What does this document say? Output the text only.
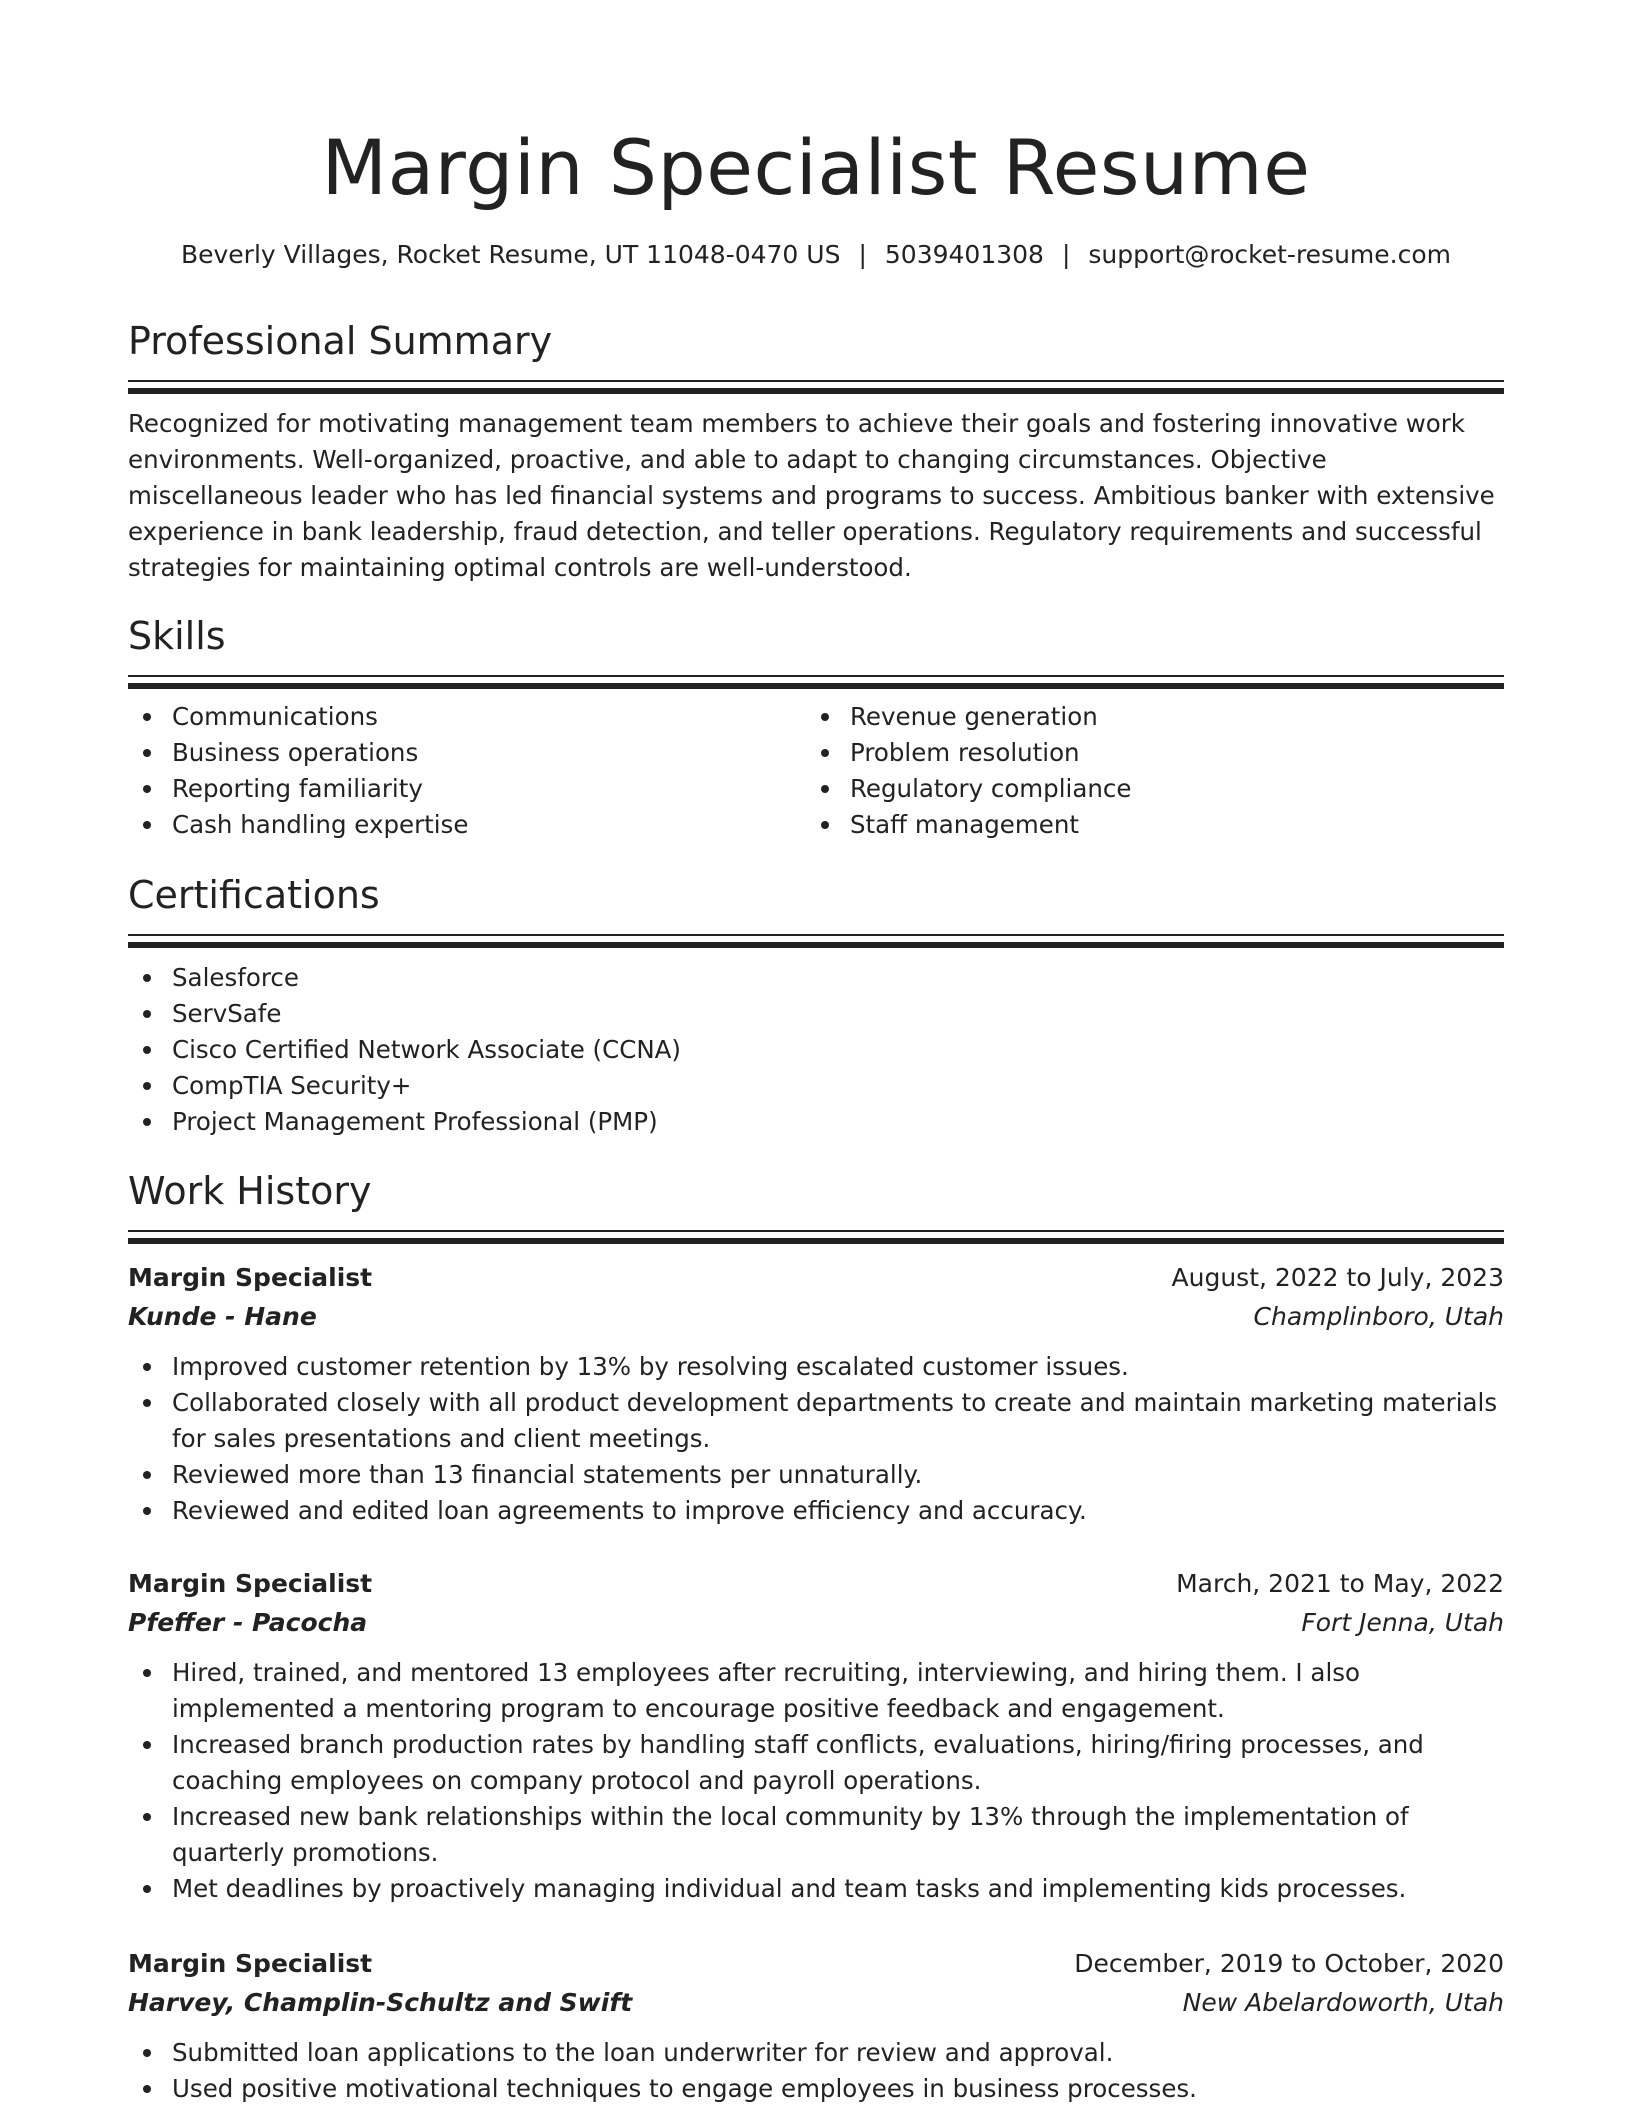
Margin Specialist Resume
Beverly Villages, Rocket Resume, UT 11048-0470 US | 5039401308 | support@rocket-resume.com
Professional Summary

Recognized for motivating management team members to achieve their goals and fostering innovative work environments. Well-organized, proactive, and able to adapt to changing circumstances. Objective miscellaneous leader who has led financial systems and programs to success. Ambitious banker with extensive experience in bank leadership, fraud detection, and teller operations. Regulatory requirements and successful strategies for maintaining optimal controls are well-understood.

Skills
Communications
Business operations
Reporting familiarity
Cash handling expertise
Revenue generation
Problem resolution
Regulatory compliance
Staff management
Certifications
Salesforce
ServSafe
Cisco Certified Network Associate (CCNA)
CompTIA Security+
Project Management Professional (PMP)
Work History
Margin Specialist	August, 2022 to July, 2023
Kunde - Hane	Champlinboro, Utah
Improved customer retention by 13% by resolving escalated customer issues.
Collaborated closely with all product development departments to create and maintain marketing materials for sales presentations and client meetings.
Reviewed more than 13 financial statements per unnaturally.
Reviewed and edited loan agreements to improve efficiency and accuracy.
Margin Specialist	March, 2021 to May, 2022
Pfeffer - Pacocha	Fort Jenna, Utah
Hired, trained, and mentored 13 employees after recruiting, interviewing, and hiring them. I also implemented a mentoring program to encourage positive feedback and engagement.
Increased branch production rates by handling staff conflicts, evaluations, hiring/firing processes, and coaching employees on company protocol and payroll operations.
Increased new bank relationships within the local community by 13% through the implementation of quarterly promotions.
Met deadlines by proactively managing individual and team tasks and implementing kids processes.
Margin Specialist	December, 2019 to October, 2020
Harvey, Champlin-Schultz and Swift	New Abelardoworth, Utah
Submitted loan applications to the loan underwriter for review and approval.
Used positive motivational techniques to engage employees in business processes.
